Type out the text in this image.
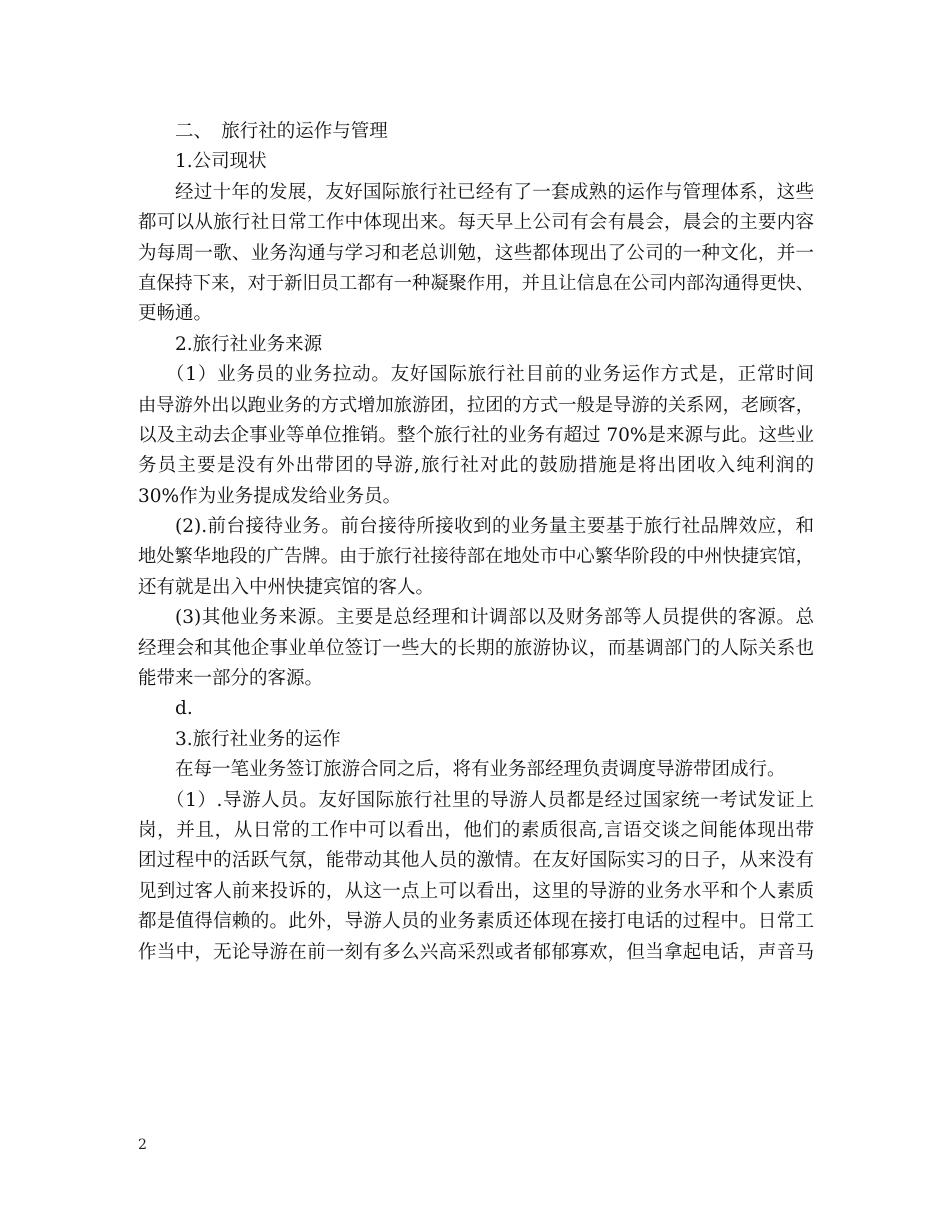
二、　旅行社的运作与管理
1.公司现状
经过十年的发展，友好国际旅行社已经有了一套成熟的运作与管理体系，这些
都可以从旅行社日常工作中体现出来。每天早上公司有会有晨会，晨会的主要内容
为每周一歌、业务沟通与学习和老总训勉，这些都体现出了公司的一种文化，并一
直保持下来，对于新旧员工都有一种凝聚作用，并且让信息在公司内部沟通得更快、
更畅通。
2.旅行社业务来源
（1）业务员的业务拉动。友好国际旅行社目前的业务运作方式是，正常时间
由导游外出以跑业务的方式增加旅游团，拉团的方式一般是导游的关系网，老顾客，
以及主动去企事业等单位推销。整个旅行社的业务有超过 70%是来源与此。这些业
务员主要是没有外出带团的导游,旅行社对此的鼓励措施是将出团收入纯利润的
30%作为业务提成发给业务员。
(2).前台接待业务。前台接待所接收到的业务量主要基于旅行社品牌效应，和
地处繁华地段的广告牌。由于旅行社接待部在地处市中心繁华阶段的中州快捷宾馆，
还有就是出入中州快捷宾馆的客人。
(3)其他业务来源。主要是总经理和计调部以及财务部等人员提供的客源。总
经理会和其他企事业单位签订一些大的长期的旅游协议，而基调部门的人际关系也
能带来一部分的客源。
d.
3.旅行社业务的运作
在每一笔业务签订旅游合同之后，将有业务部经理负责调度导游带团成行。
（1）.导游人员。友好国际旅行社里的导游人员都是经过国家统一考试发证上
岗，并且，从日常的工作中可以看出，他们的素质很高,言语交谈之间能体现出带
团过程中的活跃气氛，能带动其他人员的激情。在友好国际实习的日子，从来没有
见到过客人前来投诉的，从这一点上可以看出，这里的导游的业务水平和个人素质
都是值得信赖的。此外，导游人员的业务素质还体现在接打电话的过程中。日常工
作当中，无论导游在前一刻有多么兴高采烈或者郁郁寡欢，但当拿起电话，声音马
2
